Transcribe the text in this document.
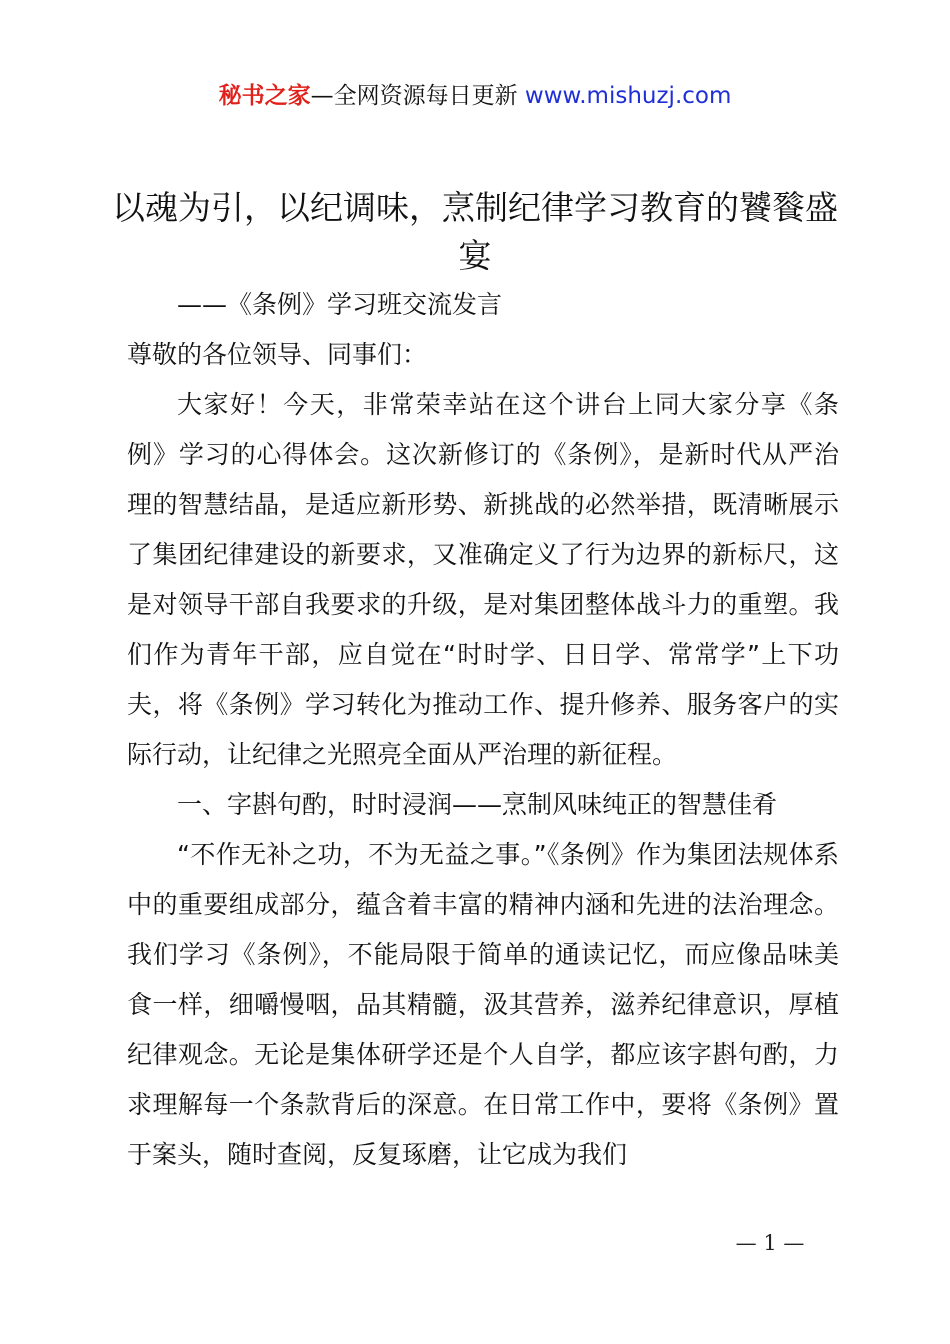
秘书之家—全网资源每日更新 www.mishuzj.com
以魂为引，以纪调味，烹制纪律学习教育的饕餮盛宴
——《条例》学习班交流发言
尊敬的各位领导、同事们：

大家好！今天，非常荣幸站在这个讲台上同大家分享《条例》学习的心得体会。这次新修订的《条例》，是新时代从严治理的智慧结晶，是适应新形势、新挑战的必然举措，既清晰展示了集团纪律建设的新要求，又准确定义了行为边界的新标尺，这是对领导干部自我要求的升级，是对集团整体战斗力的重塑。我们作为青年干部，应自觉在“时时学、日日学、常常学”上下功夫，将《条例》学习转化为推动工作、提升修养、服务客户的实际行动，让纪律之光照亮全面从严治理的新征程。

一、字斟句酌，时时浸润——烹制风味纯正的智慧佳肴

“不作无补之功，不为无益之事。”《条例》作为集团法规体系中的重要组成部分，蕴含着丰富的精神内涵和先进的法治理念。我们学习《条例》，不能局限于简单的通读记忆，而应像品味美食一样，细嚼慢咽，品其精髓，汲其营养，滋养纪律意识，厚植纪律观念。无论是集体研学还是个人自学，都应该字斟句酌，力求理解每一个条款背后的深意。在日常工作中，要将《条例》置于案头，随时查阅，反复琢磨，让它成为我们

— 1 —
